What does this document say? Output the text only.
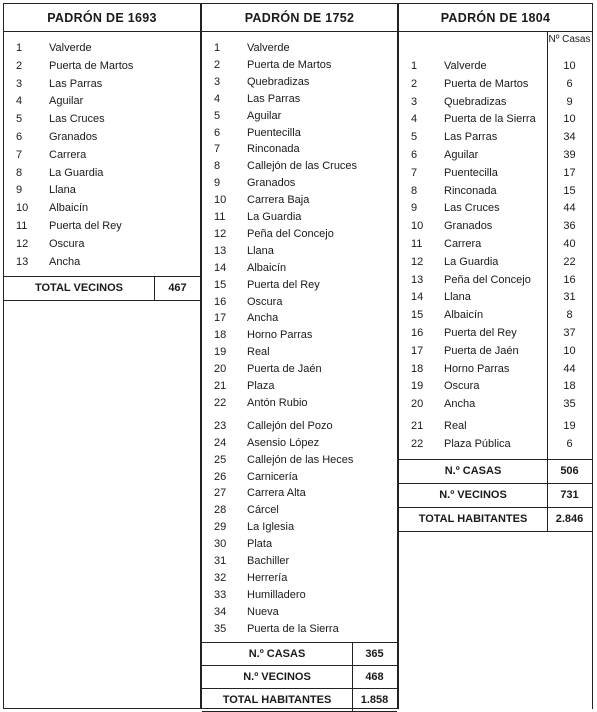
PADRÓN DE 1693
1 Valverde
2 Puerta de Martos
3 Las Parras
4 Aguilar
5 Las Cruces
6 Granados
7 Carrera
8 La Guardia
9 Llana
10 Albaicín
11 Puerta del Rey
12 Oscura
13 Ancha
TOTAL VECINOS	467
PADRÓN DE 1752
1 Valverde
2 Puerta de Martos
3 Quebradizas
4 Las Parras
5 Aguilar
6 Puentecilla
7 Rinconada
8 Callejón de las Cruces
9 Granados
10 Carrera Baja
11 La Guardia
12 Peña del Concejo
13 Llana
14 Albaicín
15 Puerta del Rey
16 Oscura
17 Ancha
18 Horno Parras
19 Real
20 Puerta de Jaén
21 Plaza
22 Antón Rubio
23 Callejón del Pozo
24 Asensio López
25 Callejón de las Heces
26 Carnicería
27 Carrera Alta
28 Cárcel
29 La Iglesia
30 Plata
31 Bachiller
32 Herrería
33 Humilladero
34 Nueva
35 Puerta de la Sierra
N.º CASAS	365
N.º VECINOS	468
TOTAL HABITANTES	1.858
PADRÓN DE 1804
Nº Casas
1 Valverde	10
2 Puerta de Martos	6
3 Quebradizas	9
4 Puerta de la Sierra	10
5 Las Parras	34
6 Aguilar	39
7 Puentecilla	17
8 Rinconada	15
9 Las Cruces	44
10 Granados	36
11 Carrera	40
12 La Guardia	22
13 Peña del Concejo	16
14 Llana	31
15 Albaicín	8
16 Puerta del Rey	37
17 Puerta de Jaén	10
18 Horno Parras	44
19 Oscura	18
20 Ancha	35
21 Real	19
22 Plaza Pública	6
N.º CASAS	506
N.º VECINOS	731
TOTAL HABITANTES	2.846
